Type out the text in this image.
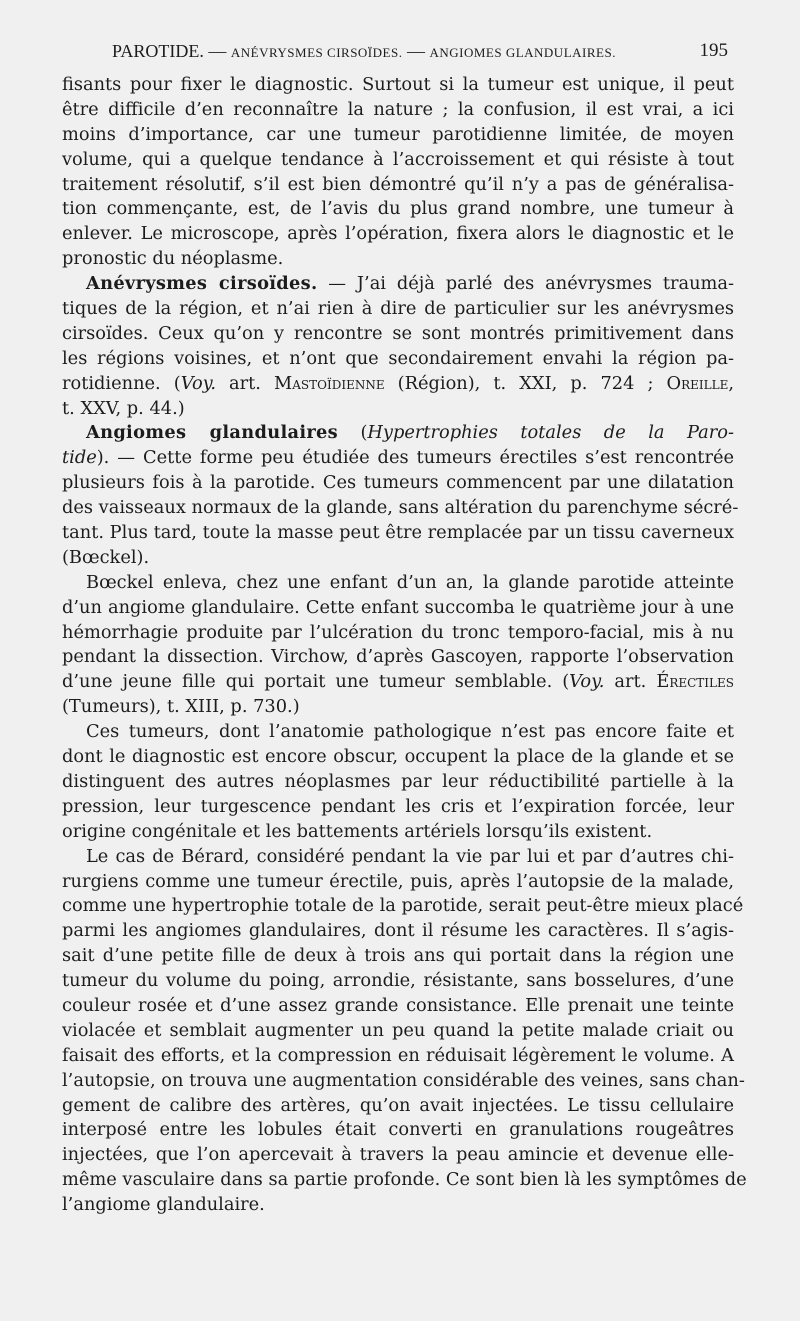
PAROTIDE. — ANÉVRYSMES CIRSOÏDES. — ANGIOMES GLANDULAIRES.	195
fisants pour fixer le diagnostic. Surtout si la tumeur est unique, il peut
être difficile d’en reconnaître la nature ; la confusion, il est vrai, a ici
moins d’importance, car une tumeur parotidienne limitée, de moyen
volume, qui a quelque tendance à l’accroissement et qui résiste à tout
traitement résolutif, s’il est bien démontré qu’il n’y a pas de généralisa-
tion commençante, est, de l’avis du plus grand nombre, une tumeur à
enlever. Le microscope, après l’opération, fixera alors le diagnostic et le
pronostic du néoplasme.
Anévrysmes cirsoïdes. — J’ai déjà parlé des anévrysmes trauma-
tiques de la région, et n’ai rien à dire de particulier sur les anévrysmes
cirsoïdes. Ceux qu’on y rencontre se sont montrés primitivement dans
les régions voisines, et n’ont que secondairement envahi la région pa-
rotidienne. (Voy. art. Mastoïdienne (Région), t. XXI, p. 724 ; Oreille,
t. XXV, p. 44.)
Angiomes glandulaires (Hypertrophies totales de la Paro-
tide). — Cette forme peu étudiée des tumeurs érectiles s’est rencontrée
plusieurs fois à la parotide. Ces tumeurs commencent par une dilatation
des vaisseaux normaux de la glande, sans altération du parenchyme sécré-
tant. Plus tard, toute la masse peut être remplacée par un tissu caverneux
(Bœckel).
Bœckel enleva, chez une enfant d’un an, la glande parotide atteinte
d’un angiome glandulaire. Cette enfant succomba le quatrième jour à une
hémorrhagie produite par l’ulcération du tronc temporo-facial, mis à nu
pendant la dissection. Virchow, d’après Gascoyen, rapporte l’observation
d’une jeune fille qui portait une tumeur semblable. (Voy. art. Érectiles
(Tumeurs), t. XIII, p. 730.)
Ces tumeurs, dont l’anatomie pathologique n’est pas encore faite et
dont le diagnostic est encore obscur, occupent la place de la glande et se
distinguent des autres néoplasmes par leur réductibilité partielle à la
pression, leur turgescence pendant les cris et l’expiration forcée, leur
origine congénitale et les battements artériels lorsqu’ils existent.
Le cas de Bérard, considéré pendant la vie par lui et par d’autres chi-
rurgiens comme une tumeur érectile, puis, après l’autopsie de la malade,
comme une hypertrophie totale de la parotide, serait peut-être mieux placé
parmi les angiomes glandulaires, dont il résume les caractères. Il s’agis-
sait d’une petite fille de deux à trois ans qui portait dans la région une
tumeur du volume du poing, arrondie, résistante, sans bosselures, d’une
couleur rosée et d’une assez grande consistance. Elle prenait une teinte
violacée et semblait augmenter un peu quand la petite malade criait ou
faisait des efforts, et la compression en réduisait légèrement le volume. A
l’autopsie, on trouva une augmentation considérable des veines, sans chan-
gement de calibre des artères, qu’on avait injectées. Le tissu cellulaire
interposé entre les lobules était converti en granulations rougeâtres
injectées, que l’on apercevait à travers la peau amincie et devenue elle-
même vasculaire dans sa partie profonde. Ce sont bien là les symptômes de
l’angiome glandulaire.
